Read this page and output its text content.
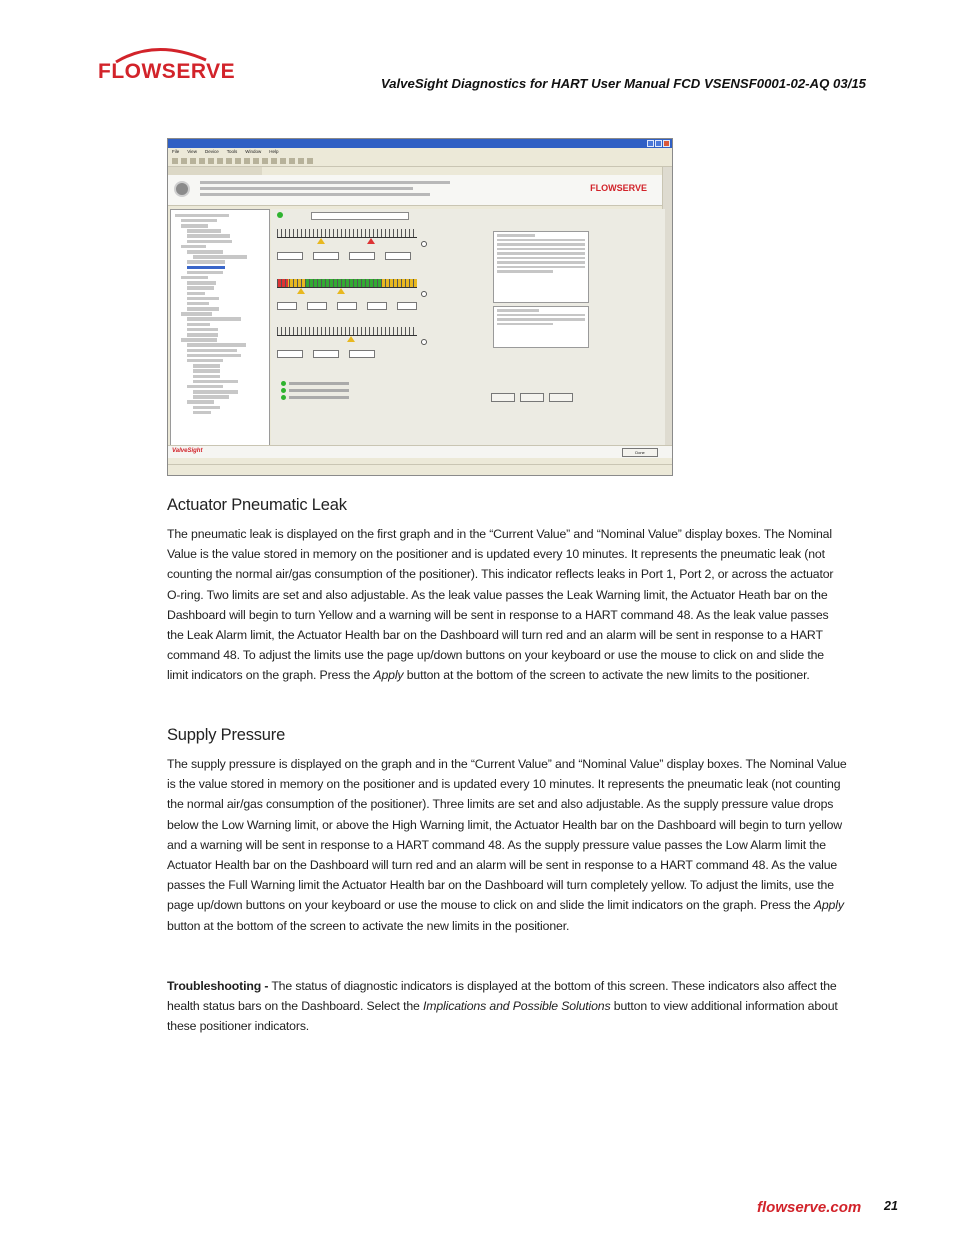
FLOWSERVE
ValveSight Diagnostics for HART User Manual FCD VSENSF0001-02-AQ 03/15
File View Device Tools Window Help
FLOWSERVE
ValveSight	Done
Actuator Pneumatic Leak
The pneumatic leak is displayed on the first graph and in the “Current Value” and “Nominal Value” display boxes. The Nominal Value is the value stored in memory on the positioner and is updated every 10 minutes. It represents the pneumatic leak (not counting the normal air/gas consumption of the positioner). This indicator reflects leaks in Port 1, Port 2, or across the actuator O-ring. Two limits are set and also adjustable. As the leak value passes the Leak Warning limit, the Actuator Heath bar on the Dashboard will begin to turn Yellow and a warning will be sent in response to a HART command 48. As the leak value passes the Leak Alarm limit, the Actuator Health bar on the Dashboard will turn red and an alarm will be sent in response to a HART command 48. To adjust the limits use the page up/down buttons on your keyboard or use the mouse to click on and slide the limit indicators on the graph. Press the Apply button at the bottom of the screen to activate the new limits to the positioner.
Supply Pressure
The supply pressure is displayed on the graph and in the “Current Value” and “Nominal Value” display boxes. The Nominal Value is the value stored in memory on the positioner and is updated every 10 minutes. It represents the pneumatic leak (not counting the normal air/gas consumption of the positioner). Three limits are set and also adjustable. As the supply pressure value drops below the Low Warning limit, or above the High Warning limit, the Actuator Health bar on the Dashboard will begin to turn yellow and a warning will be sent in response to a HART command 48. As the supply pressure value passes the Low Alarm limit the Actuator Health bar on the Dashboard will turn red and an alarm will be sent in response to a HART command 48. As the value passes the Full Warning limit the Actuator Health bar on the Dashboard will turn completely yellow. To adjust the limits, use the page up/down buttons on your keyboard or use the mouse to click on and slide the limit indicators on the graph. Press the Apply button at the bottom of the screen to activate the new limits in the positioner.
Troubleshooting - The status of diagnostic indicators is displayed at the bottom of this screen. These indicators also affect the health status bars on the Dashboard. Select the Implications and Possible Solutions button to view additional information about these positioner indicators.
flowserve.com 21
